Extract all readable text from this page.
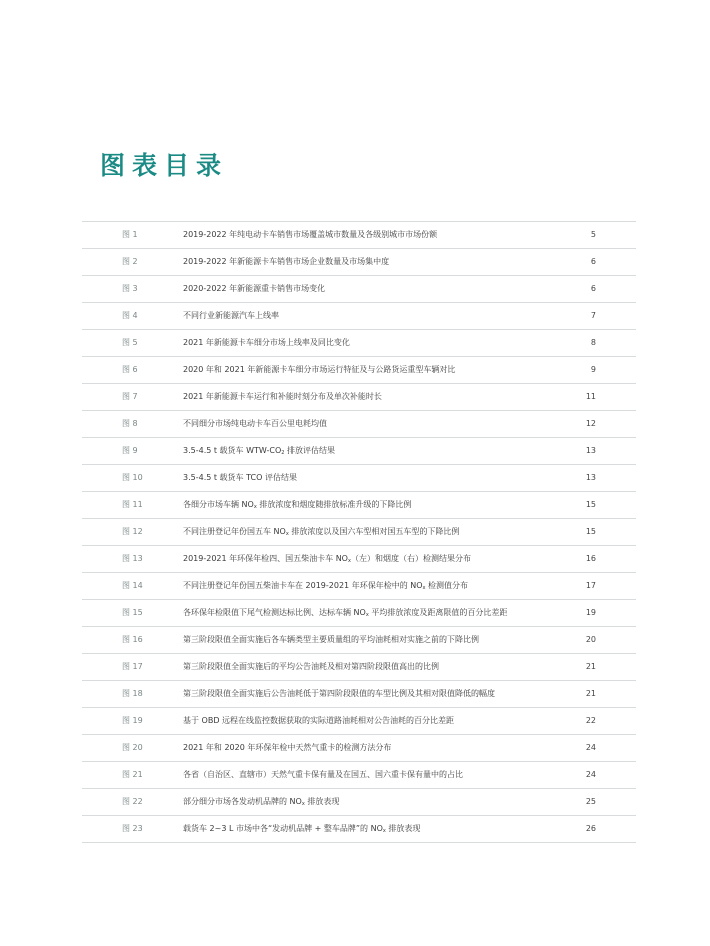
图表目录
图 1	2019-2022 年纯电动卡车销售市场覆盖城市数量及各级别城市市场份额	5
图 2	2019-2022 年新能源卡车销售市场企业数量及市场集中度	6
图 3	2020-2022 年新能源重卡销售市场变化	6
图 4	不同行业新能源汽车上线率	7
图 5	2021 年新能源卡车细分市场上线率及同比变化	8
图 6	2020 年和 2021 年新能源卡车细分市场运行特征及与公路货运重型车辆对比	9
图 7	2021 年新能源卡车运行和补能时刻分布及单次补能时长	11
图 8	不同细分市场纯电动卡车百公里电耗均值	12
图 9	3.5-4.5 t 载货车 WTW-$CO_2$ 排放评估结果	13
图 10	3.5-4.5 t 载货车 TCO 评估结果	13
图 11	各细分市场车辆 $NO_x$ 排放浓度和烟度随排放标准升级的下降比例	15
图 12	不同注册登记年份国五车 $NO_x$ 排放浓度以及国六车型相对国五车型的下降比例	15
图 13	2019-2021 年环保年检四、国五柴油卡车 $NO_x$（左）和烟度（右）检测结果分布	16
图 14	不同注册登记年份国五柴油卡车在 2019-2021 年环保年检中的 $NO_x$ 检测值分布	17
图 15	各环保年检限值下尾气检测达标比例、达标车辆 $NO_x$ 平均排放浓度及距离限值的百分比差距	19
图 16	第三阶段限值全面实施后各车辆类型主要质量组的平均油耗相对实施之前的下降比例	20
图 17	第三阶段限值全面实施后的平均公告油耗及相对第四阶段限值高出的比例	21
图 18	第三阶段限值全面实施后公告油耗低于第四阶段限值的车型比例及其相对限值降低的幅度	21
图 19	基于 OBD 远程在线监控数据获取的实际道路油耗相对公告油耗的百分比差距	22
图 20	2021 年和 2020 年环保年检中天然气重卡的检测方法分布	24
图 21	各省（自治区、直辖市）天然气重卡保有量及在国五、国六重卡保有量中的占比	24
图 22	部分细分市场各发动机品牌的 $NO_x$ 排放表现	25
图 23	载货车 2~3 L 市场中各“发动机品牌 + 整车品牌”的 $NO_x$ 排放表现	26
